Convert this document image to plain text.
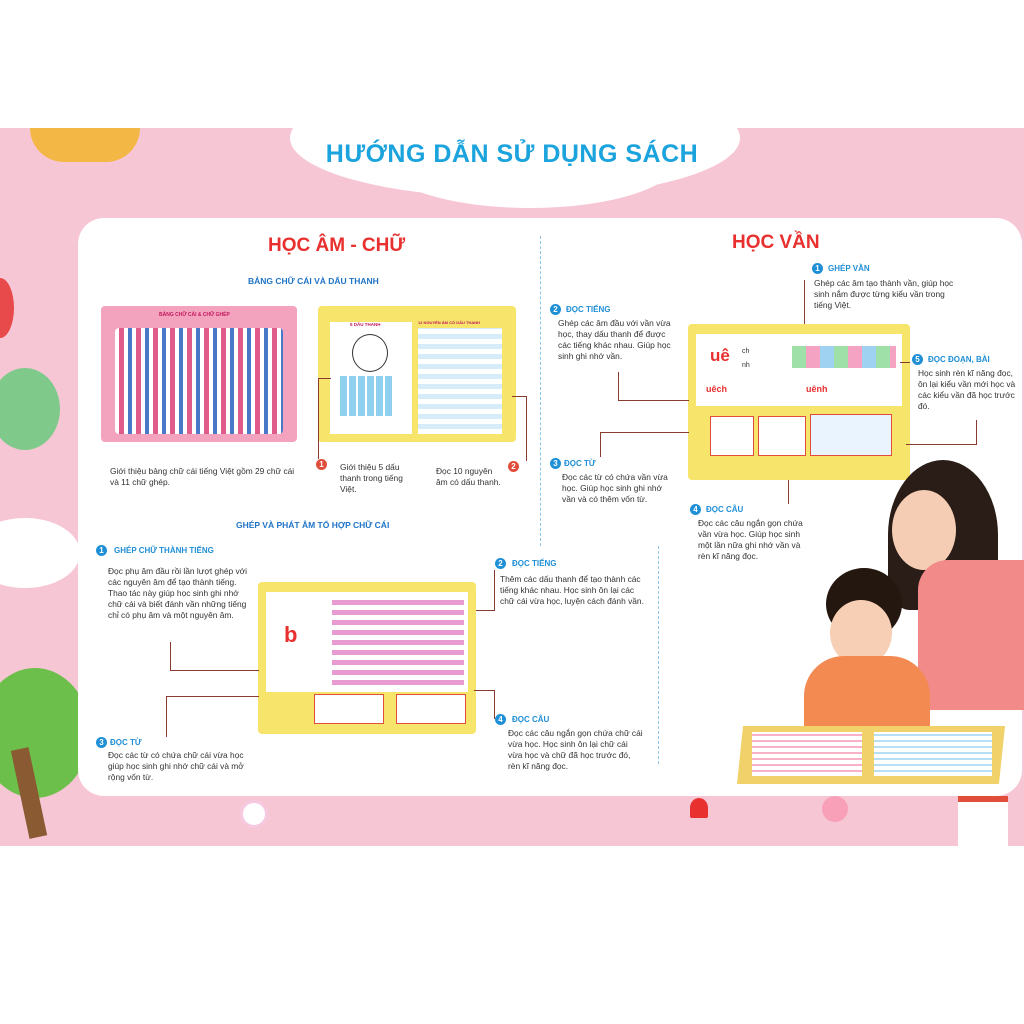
HƯỚNG DẪN SỬ DỤNG SÁCH
HỌC ÂM - CHỮ
BẢNG CHỮ CÁI VÀ DẤU THANH
BẢNG CHỮ CÁI & CHỮ GHÉP
5 DẤU THANH	12 NGUYÊN ÂM CÓ DẤU THANH
Giới thiệu bảng chữ cái tiếng Việt gồm 29 chữ cái và 11 chữ ghép.
1	Giới thiệu 5 dấu thanh trong tiếng Việt.
2
Đọc 10 nguyên âm có dấu thanh.
GHÉP VÀ PHÁT ÂM TỔ HỢP CHỮ CÁI
1	GHÉP CHỮ THÀNH TIẾNG
Đọc phụ âm đầu rồi lần lượt ghép với các nguyên âm để tạo thành tiếng. Thao tác này giúp học sinh ghi nhớ chữ cái và biết đánh vần những tiếng chỉ có phụ âm và một nguyên âm.
2	ĐỌC TIẾNG
Thêm các dấu thanh để tạo thành các tiếng khác nhau. Học sinh ôn lại các chữ cái vừa học, luyện cách đánh vần.
b
3 ĐỌC TỪ
Đọc các từ có chứa chữ cái vừa học giúp học sinh ghi nhớ chữ cái và mở rộng vốn từ.
4	ĐỌC CÂU
Đọc các câu ngắn gọn chứa chữ cái vừa học. Học sinh ôn lại chữ cái vừa học và chữ đã học trước đó, rèn kĩ năng đọc.
HỌC VẦN
1	GHÉP VẦN
Ghép các âm tạo thành vần, giúp học sinh nắm được từng kiểu vần trong tiếng Việt.
2	ĐỌC TIẾNG
Ghép các âm đầu với vần vừa học, thay dấu thanh để được các tiếng khác nhau. Giúp học sinh ghi nhớ vần.	5	ĐỌC ĐOẠN, BÀI
Học sinh rèn kĩ năng đọc, ôn lại kiểu vần mới học và các kiểu vần đã học trước đó.
uê ch
nh
uêch	uênh
3 ĐỌC TỪ
Đọc các từ có chứa vần vừa học. Giúp học sinh ghi nhớ vần và có thêm vốn từ.
4	ĐỌC CÂU
Đọc các câu ngắn gọn chứa vần vừa học. Giúp học sinh một lần nữa ghi nhớ vần và rèn kĩ năng đọc.
